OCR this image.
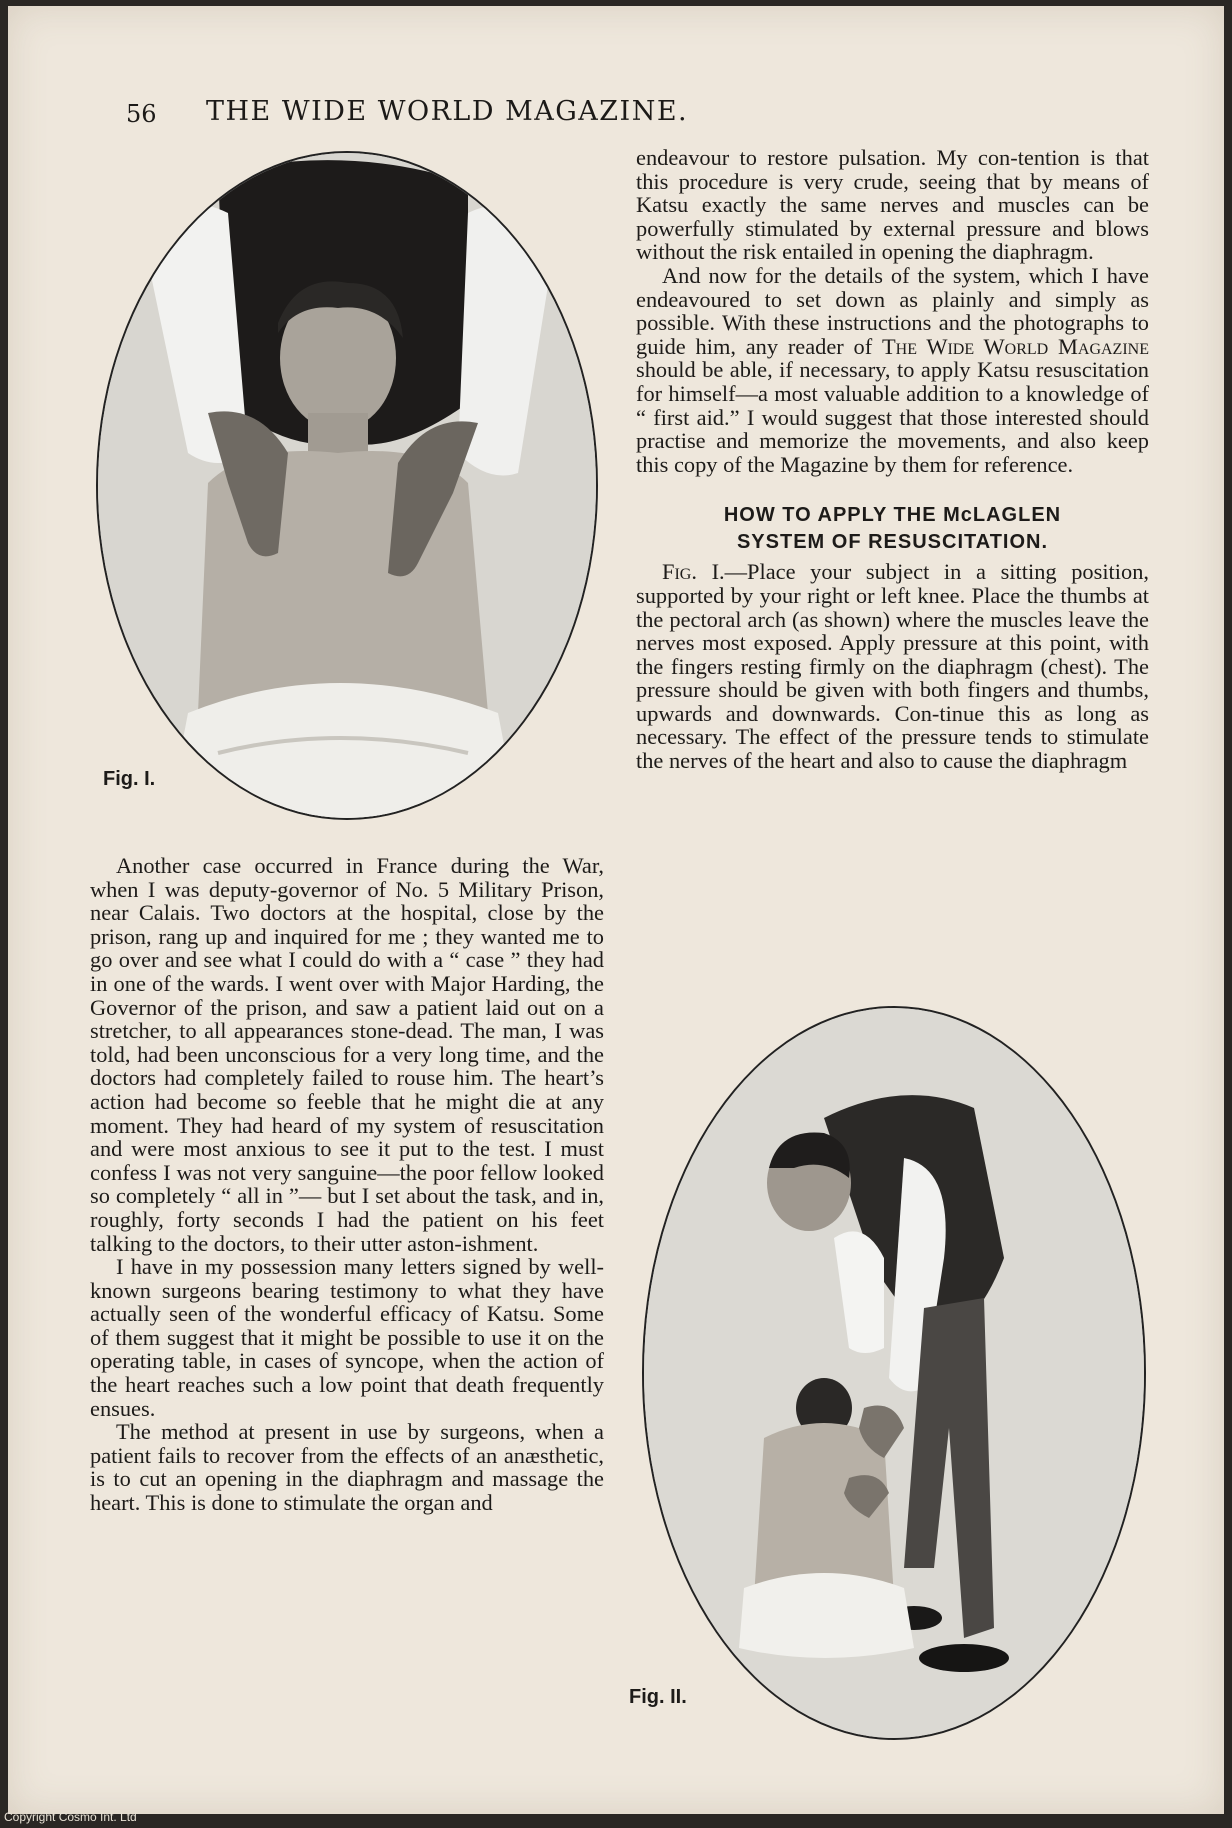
56 THE WIDE WORLD MAGAZINE.
Fig. I.
Fig. II.

Another case occurred in France during the War, when I was deputy-governor of No. 5 Military Prison, near Calais. Two doctors at the hospital, close by the prison, rang up and inquired for me ; they wanted me to go over and see what I could do with a “ case ” they had in one of the wards. I went over with Major Harding, the Governor of the prison, and saw a patient laid out on a stretcher, to all appearances stone-dead. The man, I was told, had been unconscious for a very long time, and the doctors had completely failed to rouse him. The heart’s action had become so feeble that he might die at any moment. They had heard of my system of resuscitation and were most anxious to see it put to the test. I must confess I was not very sanguine—the poor fellow looked so completely “ all in ”— but I set about the task, and in, roughly, forty seconds I had the patient on his feet talking to the doctors, to their utter aston-ishment.

I have in my possession many letters signed by well-known surgeons bearing testimony to what they have actually seen of the wonderful efficacy of Katsu. Some of them suggest that it might be possible to use it on the operating table, in cases of syncope, when the action of the heart reaches such a low point that death frequently ensues.

The method at present in use by surgeons, when a patient fails to recover from the effects of an anæsthetic, is to cut an opening in the diaphragm and massage the heart. This is done to stimulate the organ and

endeavour to restore pulsation. My con-tention is that this procedure is very crude, seeing that by means of Katsu exactly the same nerves and muscles can be powerfully stimulated by external pressure and blows without the risk entailed in opening the diaphragm.

And now for the details of the system, which I have endeavoured to set down as plainly and simply as possible. With these instructions and the photographs to guide him, any reader of The Wide World Magazine should be able, if necessary, to apply Katsu resuscitation for himself—a most valuable addition to a knowledge of “ first aid.” I would suggest that those interested should practise and memorize the movements, and also keep this copy of the Magazine by them for reference.

HOW TO APPLY THE McLAGLEN
SYSTEM OF RESUSCITATION.

Fig. I.—Place your subject in a sitting position, supported by your right or left knee. Place the thumbs at the pectoral arch (as shown) where the muscles leave the nerves most exposed. Apply pressure at this point, with the fingers resting firmly on the diaphragm (chest). The pressure should be given with both fingers and thumbs, upwards and downwards. Con-tinue this as long as necessary. The effect of the pressure tends to stimulate the nerves of the heart and also to cause the diaphragm

Copyright Cosmo Int. Ltd
